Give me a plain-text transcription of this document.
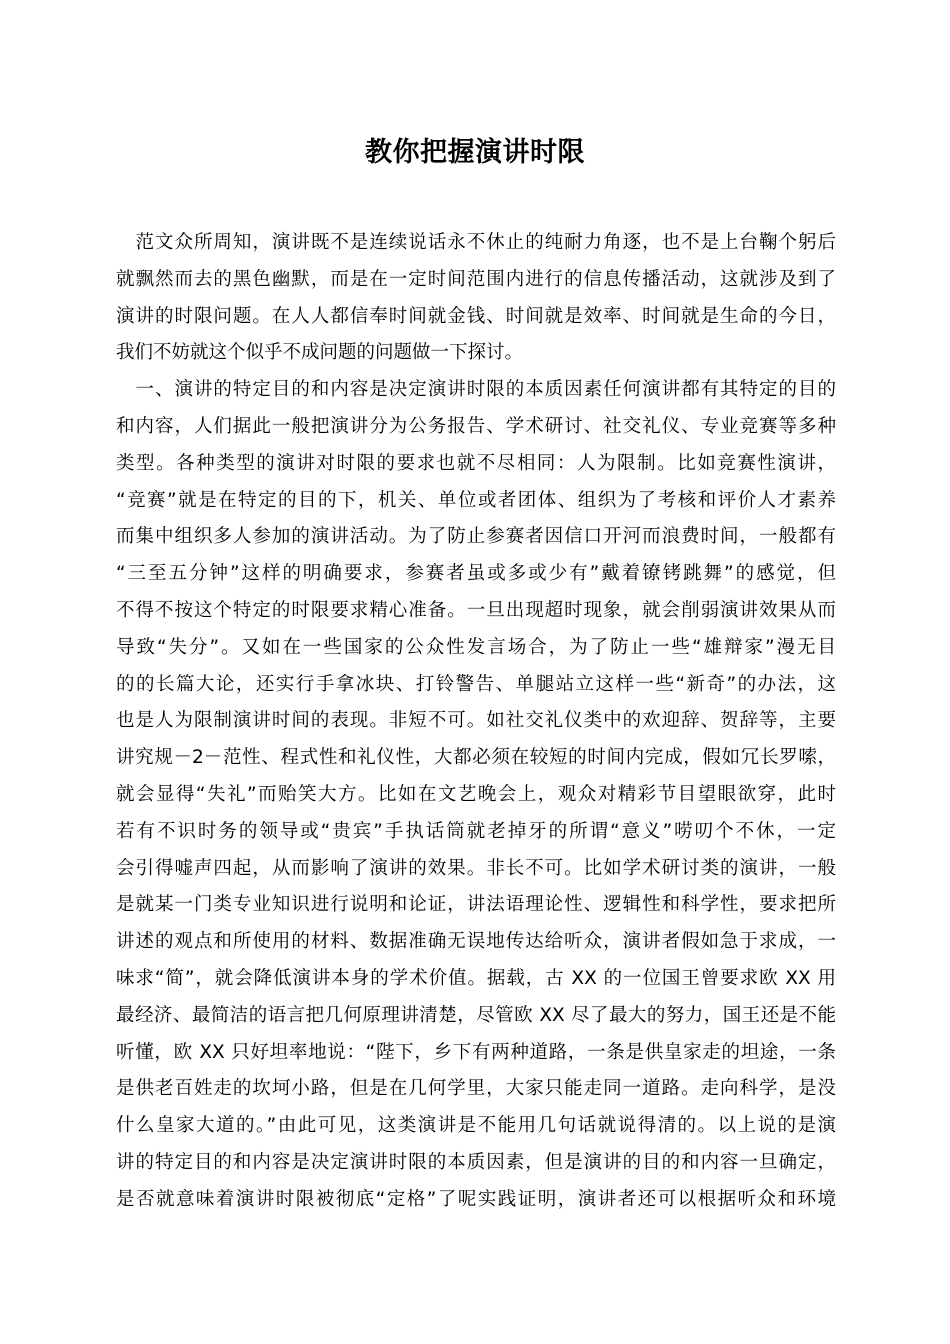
教你把握演讲时限
　范文众所周知，演讲既不是连续说话永不休止的纯耐力角逐，也不是上台鞠个躬后
就飘然而去的黑色幽默，而是在一定时间范围内进行的信息传播活动，这就涉及到了
演讲的时限问题。在人人都信奉时间就金钱、时间就是效率、时间就是生命的今日，
我们不妨就这个似乎不成问题的问题做一下探讨。
　一、演讲的特定目的和内容是决定演讲时限的本质因素任何演讲都有其特定的目的
和内容，人们据此一般把演讲分为公务报告、学术研讨、社交礼仪、专业竞赛等多种
类型。各种类型的演讲对时限的要求也就不尽相同：人为限制。比如竞赛性演讲，
“竞赛”就是在特定的目的下，机关、单位或者团体、组织为了考核和评价人才素养
而集中组织多人参加的演讲活动。为了防止参赛者因信口开河而浪费时间，一般都有
“三至五分钟”这样的明确要求，参赛者虽或多或少有”戴着镣铐跳舞”的感觉，但
不得不按这个特定的时限要求精心准备。一旦出现超时现象，就会削弱演讲效果从而
导致“失分”。又如在一些国家的公众性发言场合，为了防止一些“雄辩家”漫无目
的的长篇大论，还实行手拿冰块、打铃警告、单腿站立这样一些“新奇”的办法，这
也是人为限制演讲时间的表现。非短不可。如社交礼仪类中的欢迎辞、贺辞等，主要
讲究规－2－范性、程式性和礼仪性，大都必须在较短的时间内完成，假如冗长罗嗦，
就会显得“失礼”而贻笑大方。比如在文艺晚会上，观众对精彩节目望眼欲穿，此时
若有不识时务的领导或“贵宾”手执话筒就老掉牙的所谓“意义”唠叨个不休，一定
会引得嘘声四起，从而影响了演讲的效果。非长不可。比如学术研讨类的演讲，一般
是就某一门类专业知识进行说明和论证，讲法语理论性、逻辑性和科学性，要求把所
讲述的观点和所使用的材料、数据准确无误地传达给听众，演讲者假如急于求成，一
味求“简”，就会降低演讲本身的学术价值。据载，古 XX 的一位国王曾要求欧 XX 用
最经济、最简洁的语言把几何原理讲清楚，尽管欧 XX 尽了最大的努力，国王还是不能
听懂，欧 XX 只好坦率地说：“陛下，乡下有两种道路，一条是供皇家走的坦途，一条
是供老百姓走的坎坷小路，但是在几何学里，大家只能走同一道路。走向科学，是没
什么皇家大道的。”由此可见，这类演讲是不能用几句话就说得清的。以上说的是演
讲的特定目的和内容是决定演讲时限的本质因素，但是演讲的目的和内容一旦确定，
是否就意味着演讲时限被彻底“定格”了呢实践证明，演讲者还可以根据听众和环境
